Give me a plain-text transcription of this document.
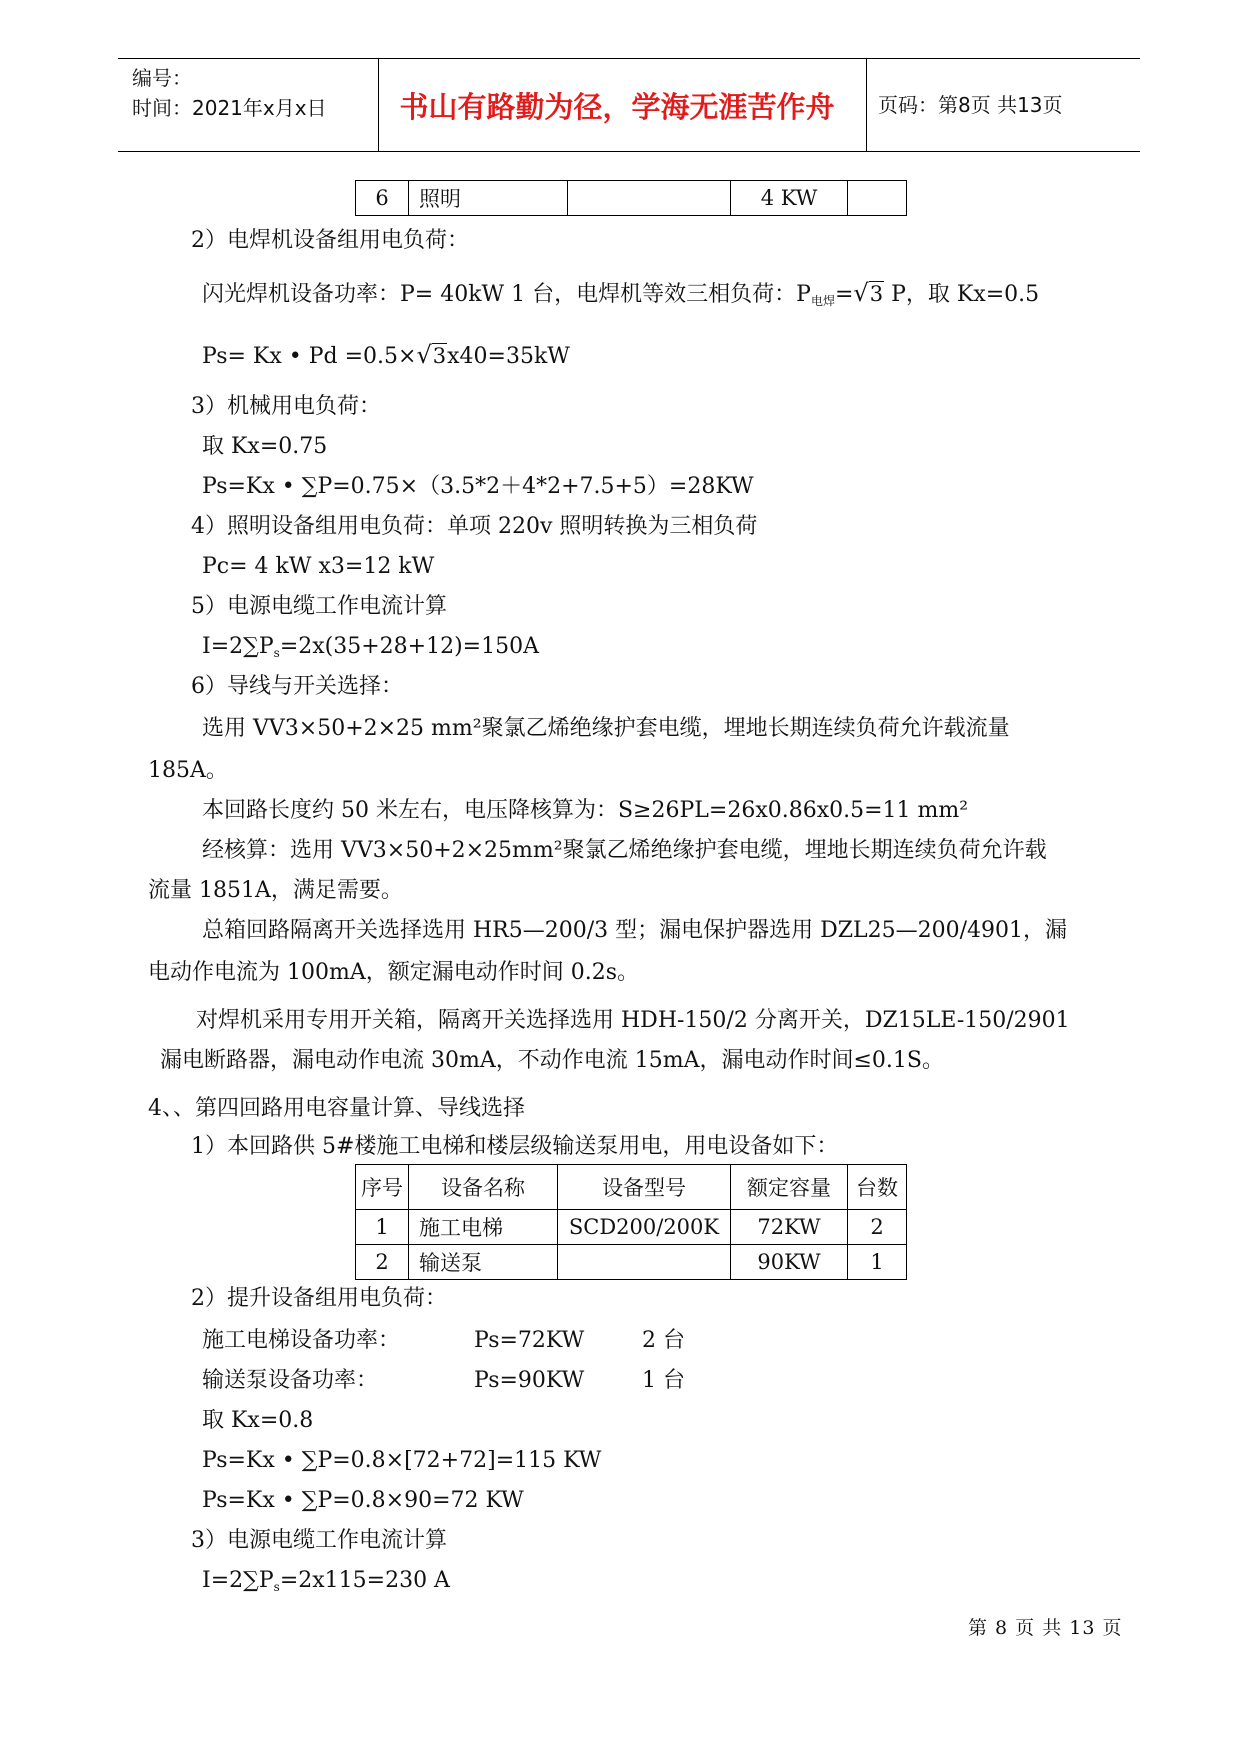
编号：
时间：2021年x月x日	书山有路勤为径，学海无涯苦作舟	页码：第8页 共13页
6	照明		4 KW	
2）电焊机设备组用电负荷：
闪光焊机设备功率：P= 40kW 1 台，电焊机等效三相负荷：P电焊=√3 P，取 Kx=0.5
Ps= Kx • Pd =0.5×√3x40=35kW
3）机械用电负荷：
取 Kx=0.75
Ps=Kx • ∑P=0.75×（3.5*2＋4*2+7.5+5）=28KW
4）照明设备组用电负荷：单项 220v 照明转换为三相负荷
Pc= 4 kW x3=12 kW
5）电源电缆工作电流计算
I=2∑Ps=2x(35+28+12)=150A
6）导线与开关选择：
选用 VV3×50+2×25 mm²聚氯乙烯绝缘护套电缆，埋地长期连续负荷允许载流量
185A。
本回路长度约 50 米左右，电压降核算为：S≥26PL=26x0.86x0.5=11 mm²
经核算：选用 VV3×50+2×25mm²聚氯乙烯绝缘护套电缆，埋地长期连续负荷允许载
流量 1851A，满足需要。
总箱回路隔离开关选择选用 HR5—200/3 型；漏电保护器选用 DZL25—200/4901，漏
电动作电流为 100mA，额定漏电动作时间 0.2s。
对焊机采用专用开关箱，隔离开关选择选用 HDH-150/2 分离开关，DZ15LE-150/2901
漏电断路器，漏电动作电流 30mA，不动作电流 15mA，漏电动作时间≤0.1S。
4、、第四回路用电容量计算、导线选择
1）本回路供 5#楼施工电梯和楼层级输送泵用电，用电设备如下：
序号	设备名称	设备型号	额定容量	台数
1	施工电梯	SCD200/200K	72KW	2
2	输送泵		90KW	1
2）提升设备组用电负荷：
施工电梯设备功率：	Ps=72KW	2 台
输送泵设备功率：	Ps=90KW	1 台
取 Kx=0.8
Ps=Kx • ∑P=0.8×[72+72]=115 KW
Ps=Kx • ∑P=0.8×90=72 KW
3）电源电缆工作电流计算
I=2∑Ps=2x115=230 A
第 8 页 共 13 页
